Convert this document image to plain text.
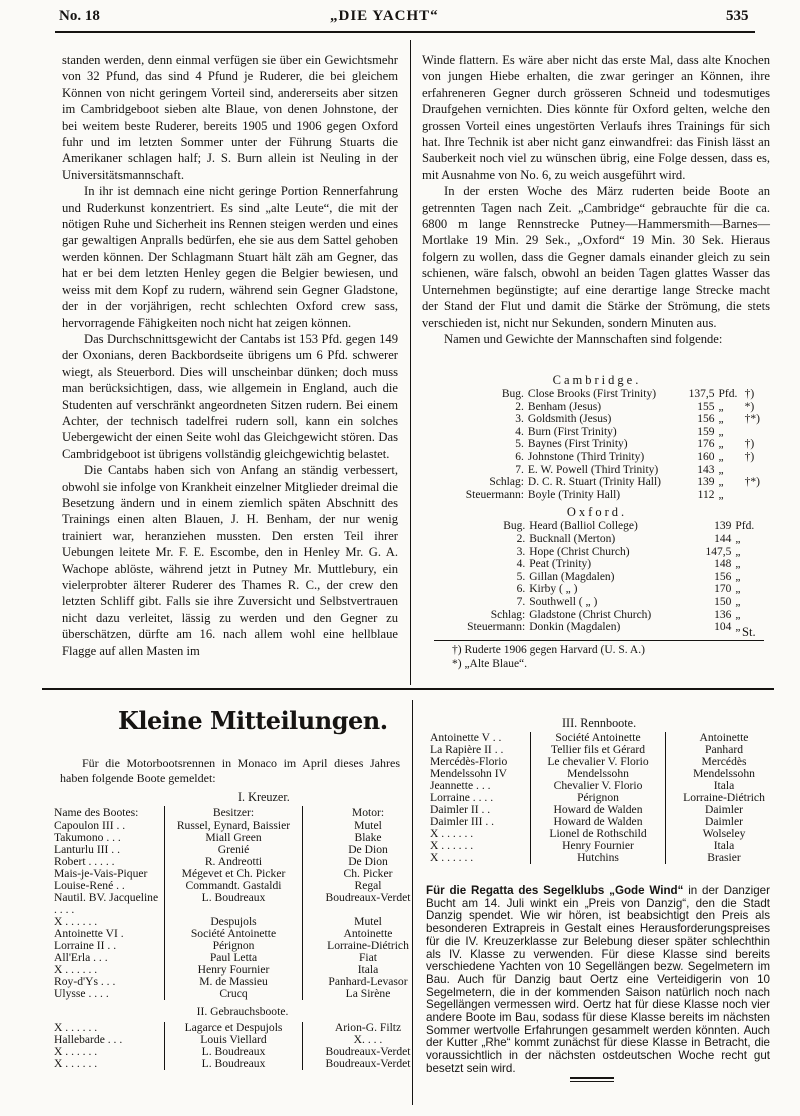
No. 18	„DIE YACHT“	535

standen werden, denn einmal verfügen sie über ein Gewichtsmehr von 32 Pfund, das sind 4 Pfund je Ruderer, die bei gleichem Können von nicht geringem Vorteil sind, andererseits aber sitzen im Cambridgeboot sieben alte Blaue, von denen Johnstone, der bei weitem beste Ruderer, bereits 1905 und 1906 gegen Oxford fuhr und im letzten Sommer unter der Führung Stuarts die Amerikaner schlagen half; J. S. Burn allein ist Neuling in der Universitätsmannschaft.

In ihr ist demnach eine nicht geringe Portion Rennerfahrung und Ruderkunst konzentriert. Es sind „alte Leute“, die mit der nötigen Ruhe und Sicherheit ins Rennen steigen werden und eines gar gewaltigen Anpralls bedürfen, ehe sie aus dem Sattel gehoben werden können. Der Schlagmann Stuart hält zäh am Gegner, das hat er bei dem letzten Henley gegen die Belgier bewiesen, und weiss mit dem Kopf zu rudern, während sein Gegner Gladstone, der in der vorjährigen, recht schlechten Oxford crew sass, hervorragende Fähigkeiten noch nicht hat zeigen können.

Das Durchschnittsgewicht der Cantabs ist 153 Pfd. gegen 149 der Oxonians, deren Backbordseite übrigens um 6 Pfd. schwerer wiegt, als Steuerbord. Dies will unscheinbar dünken; doch muss man berücksichtigen, dass, wie allgemein in England, auch die Studenten auf verschränkt angeordneten Sitzen rudern. Bei einem Achter, der technisch tadelfrei rudern soll, kann ein solches Uebergewicht der einen Seite wohl das Gleichgewicht stören. Das Cambridgeboot ist übrigens vollständig gleichgewichtig belastet.

Die Cantabs haben sich von Anfang an ständig verbessert, obwohl sie infolge von Krankheit einzelner Mitglieder dreimal die Besetzung ändern und in einem ziemlich späten Abschnitt des Trainings einen alten Blauen, J. H. Benham, der nur wenig trainiert war, heranziehen mussten. Den ersten Teil ihrer Uebungen leitete Mr. F. E. Escombe, den in Henley Mr. G. A. Wachope ablöste, während jetzt in Putney Mr. Muttlebury, ein vielerprobter älterer Ruderer des Thames R. C., der crew den letzten Schliff gibt. Falls sie ihre Zuversicht und Selbstvertrauen nicht dazu verleitet, lässig zu werden und den Gegner zu überschätzen, dürfte am 16. nach allem wohl eine hellblaue Flagge auf allen Masten im

Winde flattern. Es wäre aber nicht das erste Mal, dass alte Knochen von jungen Hiebe erhalten, die zwar geringer an Können, ihre erfahreneren Gegner durch grösseren Schneid und todesmutiges Draufgehen vernichten. Dies könnte für Oxford gelten, welche den grossen Vorteil eines ungestörten Verlaufs ihres Trainings für sich hat. Ihre Technik ist aber nicht ganz einwandfrei: das Finish lässt an Sauberkeit noch viel zu wünschen übrig, eine Folge dessen, dass es, mit Ausnahme von No. 6, zu weich ausgeführt wird.

In der ersten Woche des März ruderten beide Boote an getrennten Tagen nach Zeit. „Cambridge“ gebrauchte für die ca. 6800 m lange Rennstrecke Putney—Hammersmith—Barnes—Mortlake 19 Min. 29 Sek., „Oxford“ 19 Min. 30 Sek. Hieraus folgern zu wollen, dass die Gegner damals einander gleich zu sein schienen, wäre falsch, obwohl an beiden Tagen glattes Wasser das Unternehmen begünstigte; auf eine derartige lange Strecke macht der Stand der Flut und damit die Stärke der Strömung, die stets verschieden ist, nicht nur Sekunden, sondern Minuten aus.

Namen und Gewichte der Mannschaften sind folgende:

Cambridge.
Bug.	Close Brooks (First Trinity)	137,5	Pfd.	†)
2.	Benham (Jesus)	155	„	*)
3.	Goldsmith (Jesus)	156	„	†*)
4.	Burn (First Trinity)	159	„	
5.	Baynes (First Trinity)	176	„	†)
6.	Johnstone (Third Trinity)	160	„	†)
7.	E. W. Powell (Third Trinity)	143	„	
Schlag:	D. C. R. Stuart (Trinity Hall)	139	„	†*)
Steuermann:	Boyle (Trinity Hall)	112	„	
Oxford.
Bug.	Heard (Balliol College)	139	Pfd.
2.	Bucknall (Merton)	144	„
3.	Hope (Christ Church)	147,5	„
4.	Peat (Trinity)	148	„
5.	Gillan (Magdalen)	156	„
6.	Kirby ( „ )	170	„
7.	Southwell ( „ )	150	„
Schlag:	Gladstone (Christ Church)	136	„
Steuermann:	Donkin (Magdalen)	104	„ St.
†) Ruderte 1906 gegen Harvard (U. S. A.)
*) „Alte Blaue“.
Kleine Mitteilungen.

Für die Motorbootsrennen in Monaco im April dieses Jahres haben folgende Boote gemeldet:

I. Kreuzer.
Name des Bootes:	Besitzer:	Motor:
Capoulon III . .	Russel, Eynard, Baissier	Mutel
Takumono . . .	Miall Green	Blake
Lanturlu III . .	Grenié	De Dion
Robert . . . . .	R. Andreotti	De Dion
Mais-je-Vais-Piquer	Mégevet et Ch. Picker	Ch. Picker
Louise-René . .	Commandt. Gastaldi	Regal
Nautil. BV. Jacqueline . . . .	L. Boudreaux	Boudreaux-Verdet
X . . . . . .	Despujols	Mutel
Antoinette VI .	Société Antoinette	Antoinette
Lorraine II . .	Pérignon	Lorraine-Diétrich
All'Erla . . .	Paul Letta	Fiat
X . . . . . .	Henry Fournier	Itala
Roy-d'Ys . . .	M. de Massieu	Panhard-Levasor
Ulysse . . . .	Crucq	La Sirène
II. Gebrauchsboote.		
X . . . . . .	Lagarce et Despujols	Arion-G. Filtz
Hallebarde . . .	Louis Viellard	X. . . .
X . . . . . .	L. Boudreaux	Boudreaux-Verdet
X . . . . . .	L. Boudreaux	Boudreaux-Verdet
III. Rennboote.
Antoinette V . .	Société Antoinette	Antoinette
La Rapière II . .	Tellier fils et Gérard	Panhard
Mercédès-Florio	Le chevalier V. Florio	Mercédès
Mendelssohn IV	Mendelssohn	Mendelssohn
Jeannette . . .	Chevalier V. Florio	Itala
Lorraine . . . .	Pérignon	Lorraine-Diétrich
Daimler II . .	Howard de Walden	Daimler
Daimler III . .	Howard de Walden	Daimler
X . . . . . .	Lionel de Rothschild	Wolseley
X . . . . . .	Henry Fournier	Itala
X . . . . . .	Hutchins	Brasier
Für die Regatta des Segelklubs „Gode Wind“ in der Danziger Bucht am 14. Juli winkt ein „Preis von Danzig“, den die Stadt Danzig spendet. Wie wir hören, ist beabsichtigt den Preis als besonderen Extrapreis in Gestalt eines Herausforderungspreises für die IV. Kreuzerklasse zur Belebung dieser später schlechthin als IV. Klasse zu verwenden. Für diese Klasse sind bereits verschiedene Yachten von 10 Segellängen bezw. Segelmetern im Bau. Auch für Danzig baut Oertz eine Verteidigerin von 10 Segelmetern, die in der kommenden Saison natürlich noch nach Segellängen vermessen wird. Oertz hat für diese Klasse noch vier andere Boote im Bau, sodass für diese Klasse bereits im nächsten Sommer wertvolle Erfahrungen gesammelt werden könnten. Auch der Kutter „Rhe“ kommt zunächst für diese Klasse in Betracht, die voraussichtlich in der nächsten ostdeutschen Woche recht gut besetzt sein wird.
